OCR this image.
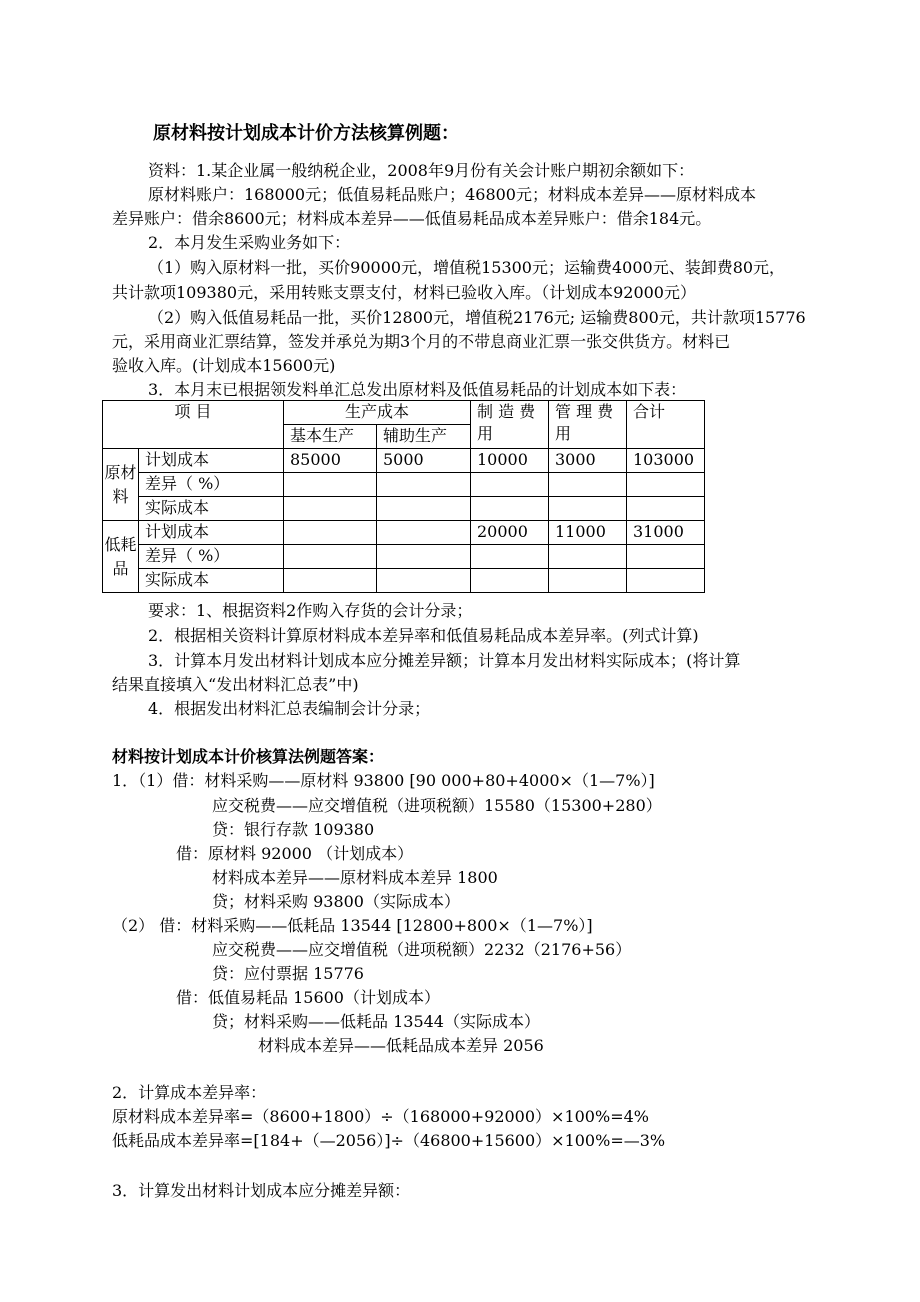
原材料按计划成本计价方法核算例题：
资料：1.某企业属一般纳税企业，2008年9月份有关会计账户期初余额如下：
原材料账户：168000元；低值易耗品账户；46800元；材料成本差异——原材料成本
差异账户：借余8600元；材料成本差异——低值易耗品成本差异账户：借余184元。
2．本月发生采购业务如下：
（1）购入原材料一批，买价90000元，增值税15300元；运输费4000元、装卸费80元，
共计款项109380元，采用转账支票支付，材料已验收入库。（计划成本92000元）
（2）购入低值易耗品一批，买价12800元，增值税2176元; 运输费800元，共计款项15776
元，采用商业汇票结算，签发并承兑为期3个月的不带息商业汇票一张交供货方。材料已
验收入库。(计划成本15600元)
3．本月末已根据领发料单汇总发出原材料及低值易耗品的计划成本如下表：
项 目		生产成本		制 造 费 用	管 理 费 用	合计
		基本生产	辅助生产			
原材料	计划成本	85000	5000	10000	3000	103000
	差异（ %）					
	实际成本					
低耗品	计划成本			20000	11000	31000
	差异（ %）					
	实际成本					
要求：1、根据资料2作购入存货的会计分录；
2．根据相关资料计算原材料成本差异率和低值易耗品成本差异率。(列式计算)
3．计算本月发出材料计划成本应分摊差异额；计算本月发出材料实际成本；(将计算
结果直接填入“发出材料汇总表”中)
4．根据发出材料汇总表编制会计分录；
材料按计划成本计价核算法例题答案：
1．（1）借：材料采购——原材料 93800 [90 000+80+4000×（1—7%）]
应交税费——应交增值税（进项税额）15580（15300+280）
贷：银行存款 109380
借：原材料 92000 （计划成本）
材料成本差异——原材料成本差异 1800
贷；材料采购 93800（实际成本）
（2） 借：材料采购——低耗品 13544 [12800+800×（1—7%）]
应交税费——应交增值税（进项税额）2232（2176+56）
贷：应付票据 15776
借：低值易耗品 15600（计划成本）
贷；材料采购——低耗品 13544（实际成本）
材料成本差异——低耗品成本差异 2056
2．计算成本差异率：
原材料成本差异率=（8600+1800）÷（168000+92000）×100%=4%
低耗品成本差异率=[184+（—2056）]÷（46800+15600）×100%=—3%
3．计算发出材料计划成本应分摊差异额：
